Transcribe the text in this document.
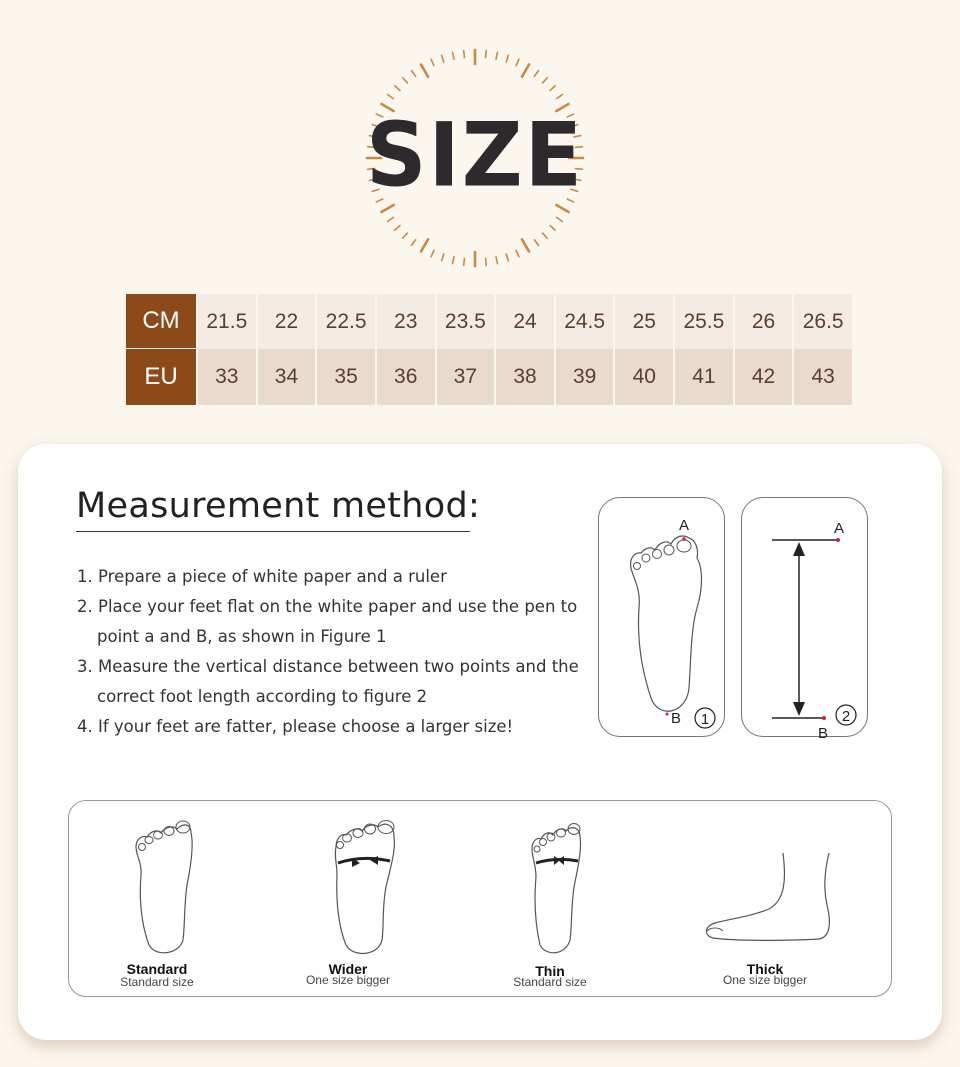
SIZE
CM	21.5	22	22.5	23	23.5	24	24.5	25	25.5	26	26.5
EU	33	34	35	36	37	38	39	40	41	42	43
Measurement method:
1. Prepare a piece of white paper and a ruler
2. Place your feet flat on the white paper and use the pen to
point a and B, as shown in Figure 1
3. Measure the vertical distance between two points and the
correct foot length according to figure 2
4. If your feet are fatter, please choose a larger size!
A
B 1
A
B
2
Standard
Standard size
Wider
One size bigger
Thin
Standard size
Thick
One size bigger
